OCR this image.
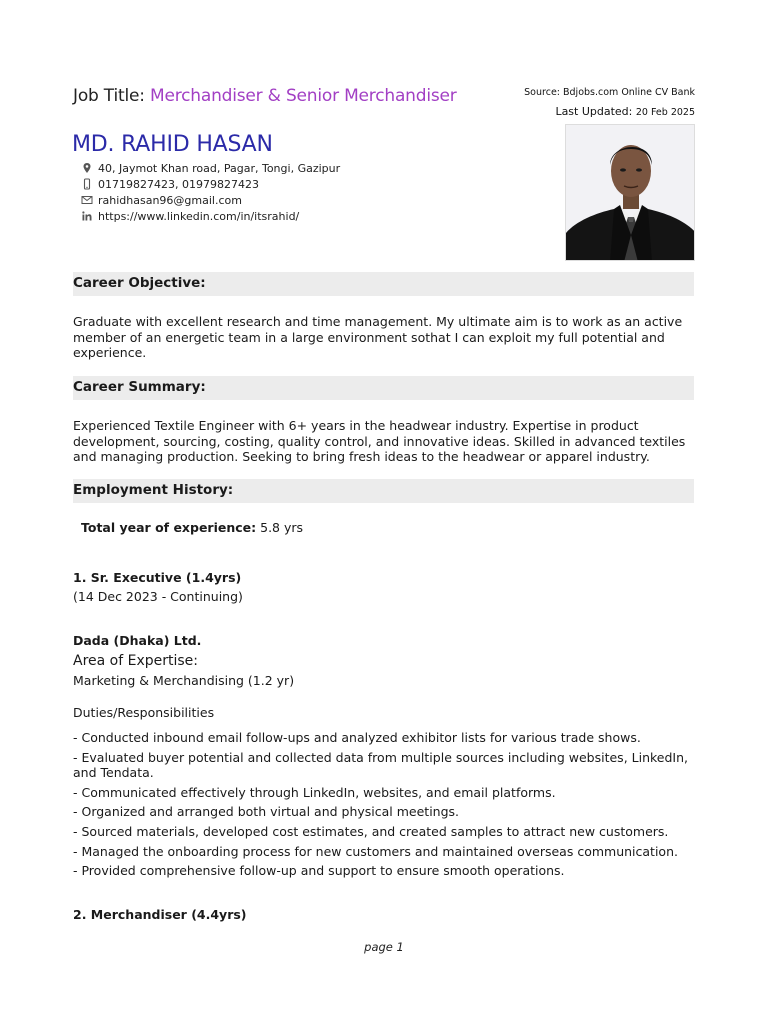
Job Title: Merchandiser & Senior Merchandiser	Source: Bdjobs.com Online CV Bank
Last Updated: 20 Feb 2025
MD. RAHID HASAN
40, Jaymot Khan road, Pagar, Tongi, Gazipur
01719827423, 01979827423
rahidhasan96@gmail.com
https://www.linkedin.com/in/itsrahid/
Career Objective:
Graduate with excellent research and time management. My ultimate aim is to work as an active member of an energetic team in a large environment sothat I can exploit my full potential and experience.
Career Summary:
Experienced Textile Engineer with 6+ years in the headwear industry. Expertise in product development, sourcing, costing, quality control, and innovative ideas. Skilled in advanced textiles and managing production. Seeking to bring fresh ideas to the headwear or apparel industry.
Employment History:
Total year of experience: 5.8 yrs
1. Sr. Executive (1.4yrs)
(14 Dec 2023 - Continuing)
Dada (Dhaka) Ltd.
Area of Expertise:
Marketing & Merchandising (1.2 yr)
Duties/Responsibilities
- Conducted inbound email follow-ups and analyzed exhibitor lists for various trade shows.
- Evaluated buyer potential and collected data from multiple sources including websites, LinkedIn, and Tendata.
- Communicated effectively through LinkedIn, websites, and email platforms.
- Organized and arranged both virtual and physical meetings.
- Sourced materials, developed cost estimates, and created samples to attract new customers.
- Managed the onboarding process for new customers and maintained overseas communication.
- Provided comprehensive follow-up and support to ensure smooth operations.
2. Merchandiser (4.4yrs)
page 1
